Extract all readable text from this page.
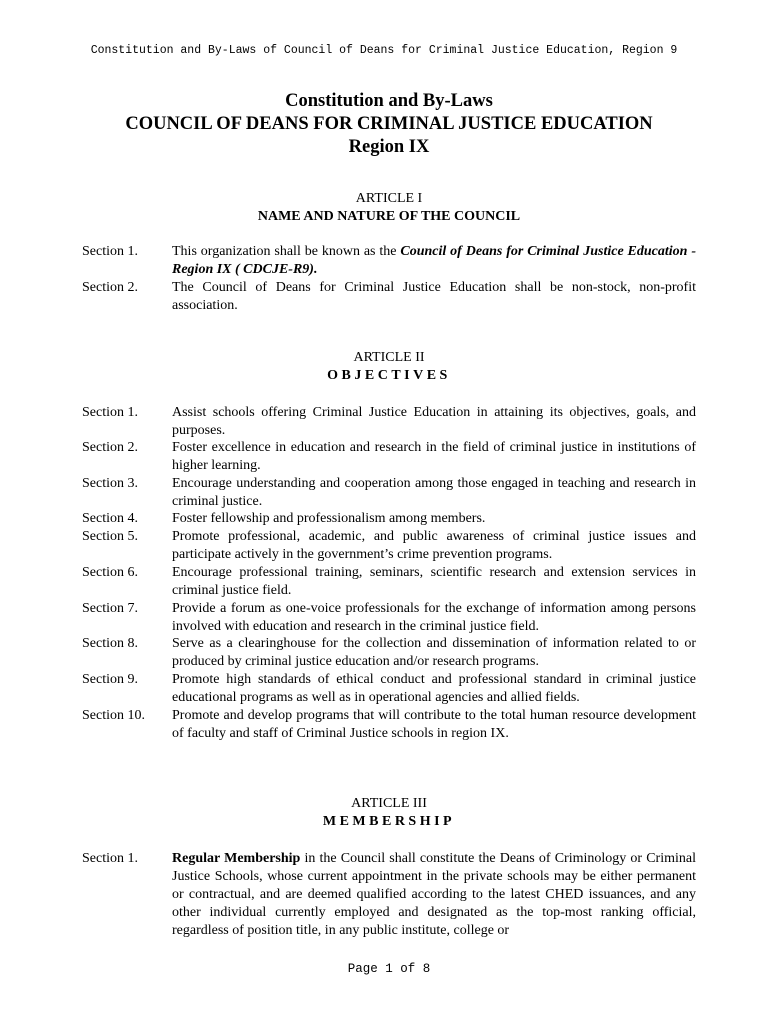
Constitution and By-Laws of Council of Deans for Criminal Justice Education, Region 9
Constitution and By-Laws
COUNCIL OF DEANS FOR CRIMINAL JUSTICE EDUCATION
Region IX
ARTICLE I
NAME AND NATURE OF THE COUNCIL
Section 1.	This organization shall be known as the Council of Deans for Criminal Justice Education - Region IX ( CDCJE-R9).
Section 2.	The Council of Deans for Criminal Justice Education shall be non-stock, non-profit association.
ARTICLE II
OBJECTIVES
Section 1.	Assist schools offering Criminal Justice Education in attaining its objectives, goals, and purposes.
Section 2.	Foster excellence in education and research in the field of criminal justice in institutions of higher learning.
Section 3.	Encourage understanding and cooperation among those engaged in teaching and research in criminal justice.
Section 4.	Foster fellowship and professionalism among members.
Section 5.	Promote professional, academic, and public awareness of criminal justice issues and participate actively in the government’s crime prevention programs.
Section 6.	Encourage professional training, seminars, scientific research and extension services in criminal justice field.
Section 7.	Provide a forum as one-voice professionals for the exchange of information among persons involved with education and research in the criminal justice field.
Section 8.	Serve as a clearinghouse for the collection and dissemination of information related to or produced by criminal justice education and/or research programs.
Section 9.	Promote high standards of ethical conduct and professional standard in criminal justice educational programs as well as in operational agencies and allied fields.
Section 10.	Promote and develop programs that will contribute to the total human resource development of faculty and staff of Criminal Justice schools in region IX.
ARTICLE III
MEMBERSHIP
Section 1.	Regular Membership in the Council shall constitute the Deans of Criminology or Criminal Justice Schools, whose current appointment in the private schools may be either permanent or contractual, and are deemed qualified according to the latest CHED issuances, and any other individual currently employed and designated as the top-most ranking official, regardless of position title, in any public institute, college or
Page 1 of 8
